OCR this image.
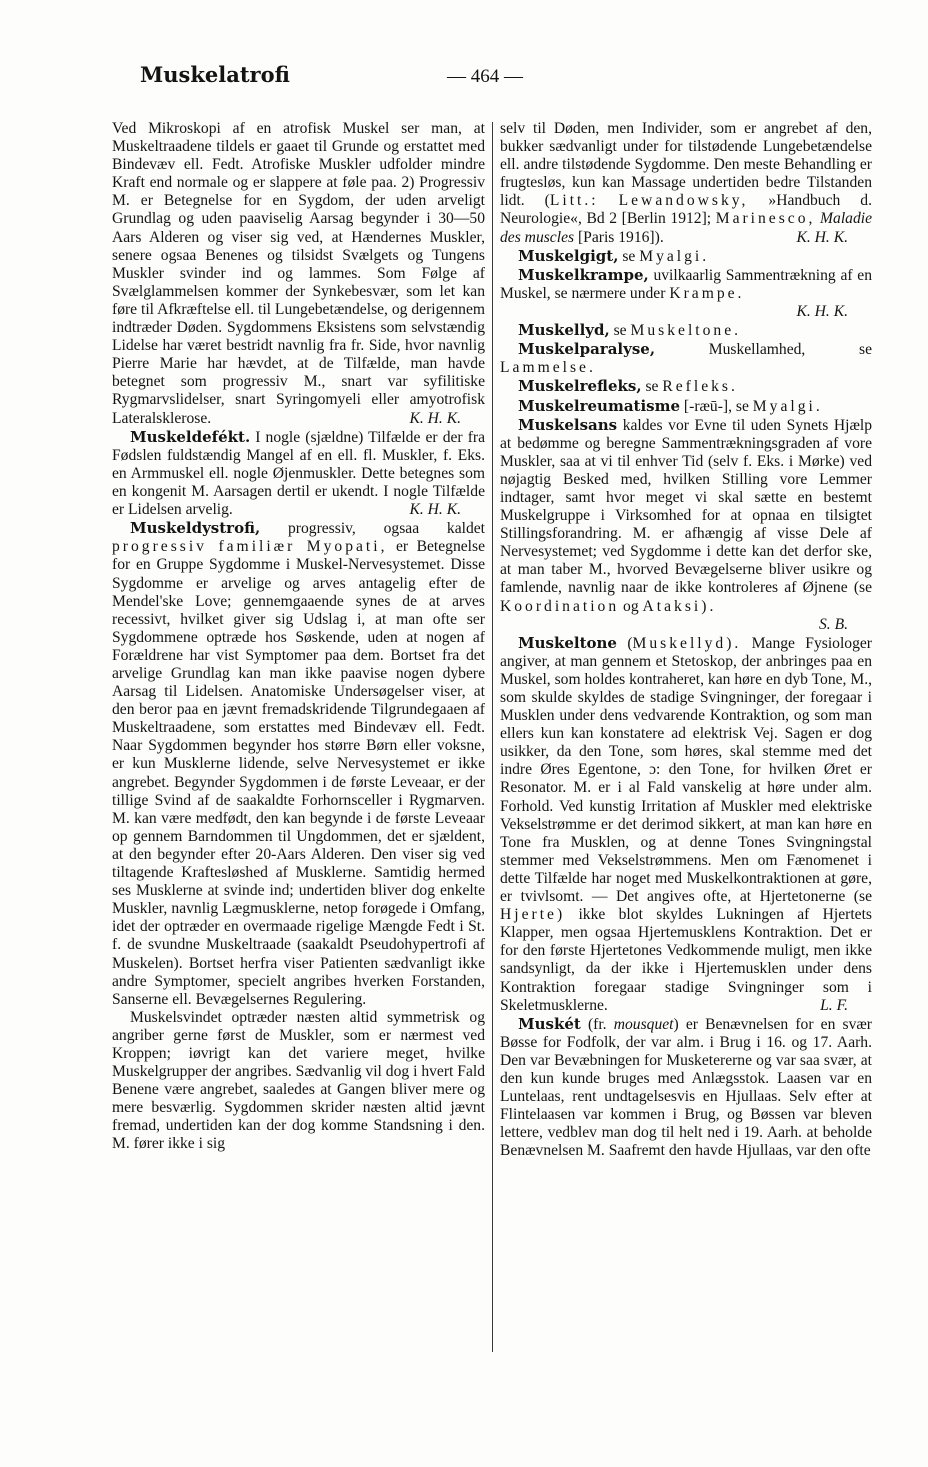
Muskelatrofi	— 464 —

Ved Mikroskopi af en atrofisk Muskel ser man, at Muskeltraadene tildels er gaaet til Grunde og erstattet med Bindevæv ell. Fedt. Atrofiske Muskler udfolder mindre Kraft end normale og er slappere at føle paa. 2) Progressiv M. er Betegnelse for en Sygdom, der uden arveligt Grundlag og uden paaviselig Aarsag begynder i 30—50 Aars Alderen og viser sig ved, at Hændernes Muskler, senere ogsaa Benenes og tilsidst Svælgets og Tungens Muskler svinder ind og lammes. Som Følge af Svælglammelsen kommer der Synkebesvær, som let kan føre til Afkræftelse ell. til Lungebetændelse, og derigennem indtræder Døden. Sygdommens Eksistens som selvstændig Lidelse har været bestridt navnlig fra fr. Side, hvor navnlig Pierre Marie har hævdet, at de Tilfælde, man havde betegnet som progressiv M., snart var syfilitiske Rygmarvslidelser, snart Syringomyeli eller amyotrofisk Lateralsklerose.	K. H. K.

Muskeldefékt. I nogle (sjældne) Tilfælde er der fra Fødslen fuldstændig Mangel af en ell. fl. Muskler, f. Eks. en Armmuskel ell. nogle Øjenmuskler. Dette betegnes som en kongenit M. Aarsagen dertil er ukendt. I nogle Tilfælde er Lidelsen arvelig.	K. H. K.

Muskeldystrofi, progressiv, ogsaa kaldet progressiv familiær Myopati, er Betegnelse for en Gruppe Sygdomme i Muskel-Nervesystemet. Disse Sygdomme er arvelige og arves antagelig efter de Mendel'ske Love; gennemgaaende synes de at arves recessivt, hvilket giver sig Udslag i, at man ofte ser Sygdommene optræde hos Søskende, uden at nogen af Forældrene har vist Symptomer paa dem. Bortset fra det arvelige Grundlag kan man ikke paavise nogen dybere Aarsag til Lidelsen. Anatomiske Undersøgelser viser, at den beror paa en jævnt fremadskridende Tilgrundegaaen af Muskeltraadene, som erstattes med Bindevæv ell. Fedt. Naar Sygdommen begynder hos større Børn eller voksne, er kun Musklerne lidende, selve Nervesystemet er ikke angrebet. Begynder Sygdommen i de første Leveaar, er der tillige Svind af de saakaldte Forhornsceller i Rygmarven. M. kan være medfødt, den kan begynde i de første Leveaar op gennem Barndommen til Ungdommen, det er sjældent, at den begynder efter 20-Aars Alderen. Den viser sig ved tiltagende Kraftesløshed af Musklerne. Samtidig hermed ses Musklerne at svinde ind; undertiden bliver dog enkelte Muskler, navnlig Lægmusklerne, netop forøgede i Omfang, idet der optræder en overmaade rigelige Mængde Fedt i St. f. de svundne Muskeltraade (saakaldt Pseudohypertrofi af Muskelen). Bortset herfra viser Patienten sædvanligt ikke andre Symptomer, specielt angribes hverken Forstanden, Sanserne ell. Bevægelsernes Regulering.

Muskelsvindet optræder næsten altid symmetrisk og angriber gerne først de Muskler, som er nærmest ved Kroppen; iøvrigt kan det variere meget, hvilke Muskelgrupper der angribes. Sædvanlig vil dog i hvert Fald Benene være angrebet, saaledes at Gangen bliver mere og mere besværlig. Sygdommen skrider næsten altid jævnt fremad, undertiden kan der dog komme Standsning i den. M. fører ikke i sig

selv til Døden, men Individer, som er angrebet af den, bukker sædvanligt under for tilstødende Lungebetændelse ell. andre tilstødende Sygdomme. Den meste Behandling er frugtesløs, kun kan Massage undertiden bedre Tilstanden lidt. (Litt.: Lewandowsky, »Handbuch d. Neurologie«, Bd 2 [Berlin 1912]; Marinesco, Maladie des muscles [Paris 1916]).	K. H. K.

Muskelgigt, se Myalgi.

Muskelkrampe, uvilkaarlig Sammentrækning af en Muskel, se nærmere under Krampe.

K. H. K.

Muskellyd, se Muskeltone.

Muskelparalyse, Muskellamhed, se Lammelse.

Muskelrefleks, se Refleks.

Muskelreumatisme [-ræū-], se Myalgi.

Muskelsans kaldes vor Evne til uden Synets Hjælp at bedømme og beregne Sammentrækningsgraden af vore Muskler, saa at vi til enhver Tid (selv f. Eks. i Mørke) ved nøjagtig Besked med, hvilken Stilling vore Lemmer indtager, samt hvor meget vi skal sætte en bestemt Muskelgruppe i Virksomhed for at opnaa en tilsigtet Stillingsforandring. M. er afhængig af visse Dele af Nervesystemet; ved Sygdomme i dette kan det derfor ske, at man taber M., hvorved Bevægelserne bliver usikre og famlende, navnlig naar de ikke kontroleres af Øjnene (se Koordination og Ataksi).

S. B.

Muskeltone (Muskellyd). Mange Fysiologer angiver, at man gennem et Stetoskop, der anbringes paa en Muskel, som holdes kontraheret, kan høre en dyb Tone, M., som skulde skyldes de stadige Svingninger, der foregaar i Musklen under dens vedvarende Kontraktion, og som man ellers kun kan konstatere ad elektrisk Vej. Sagen er dog usikker, da den Tone, som høres, skal stemme med det indre Øres Egentone, ɔ: den Tone, for hvilken Øret er Resonator. M. er i al Fald vanskelig at høre under alm. Forhold. Ved kunstig Irritation af Muskler med elektriske Vekselstrømme er det derimod sikkert, at man kan høre en Tone fra Musklen, og at denne Tones Svingningstal stemmer med Vekselstrømmens. Men om Fænomenet i dette Tilfælde har noget med Muskelkontraktionen at gøre, er tvivlsomt. — Det angives ofte, at Hjertetonerne (se Hjerte) ikke blot skyldes Lukningen af Hjertets Klapper, men ogsaa Hjertemusklens Kontraktion. Det er for den første Hjertetones Vedkommende muligt, men ikke sandsynligt, da der ikke i Hjertemusklen under dens Kontraktion foregaar stadige Svingninger som i Skeletmusklerne.	L. F.

Muskét (fr. mousquet) er Benævnelsen for en svær Bøsse for Fodfolk, der var alm. i Brug i 16. og 17. Aarh. Den var Bevæbningen for Musketererne og var saa svær, at den kun kunde bruges med Anlægsstok. Laasen var en Luntelaas, rent undtagelsesvis en Hjullaas. Selv efter at Flintelaasen var kommen i Brug, og Bøssen var bleven lettere, vedblev man dog til helt ned i 19. Aarh. at beholde Benævnelsen M. Saafremt den havde Hjullaas, var den ofte
